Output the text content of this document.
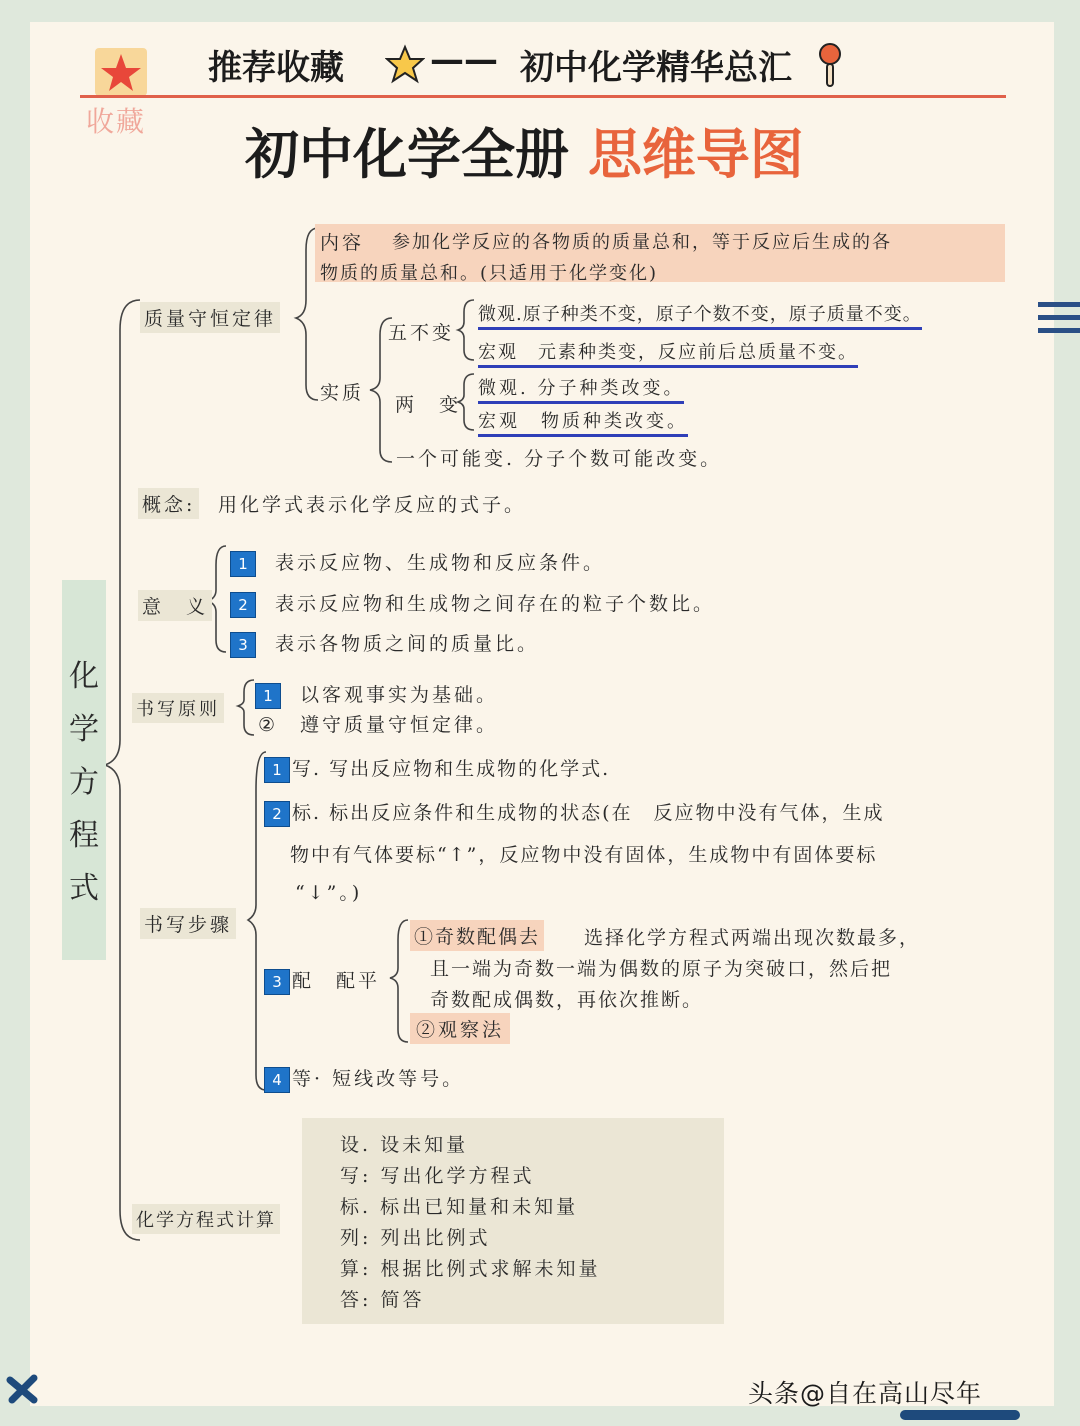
收藏
推荐收藏	—— 初中化学精华总汇
初中化学全册 思维导图
化学方程式
质量守恒定律
内容 参加化学反应的各物质的质量总和，等于反应后生成的各
物质的质量总和。(只适用于化学变化)
实质
五不变
微观.原子种类不变，原子个数不变，原子质量不变。
宏观　元素种类变，反应前后总质量不变。
两　变
微观. 分子种类改变。
宏观　物质种类改变。
一个可能变. 分子个数可能改变。
概念: 用化学式表示化学反应的式子。
意　义
1 表示反应物、生成物和反应条件。
2 表示反应物和生成物之间存在的粒子个数比。
3 表示各物质之间的质量比。
书写原则
1 以客观事实为基础。
② 遵守质量守恒定律。
书写步骤
1 写. 写出反应物和生成物的化学式.
2 标. 标出反应条件和生成物的状态(在　反应物中没有气体，生成
物中有气体要标“↑”，反应物中没有固体，生成物中有固体要标
“↓”。)
3 配　配平
①奇数配偶去 选择化学方程式两端出现次数最多，
且一端为奇数一端为偶数的原子为突破口，然后把
奇数配成偶数，再依次推断。
②观察法
4 等· 短线改等号。
化学方程式计算
设. 设未知量
写: 写出化学方程式
标. 标出已知量和未知量
列: 列出比例式
算: 根据比例式求解未知量
答: 简答
头条@自在高山尽年
